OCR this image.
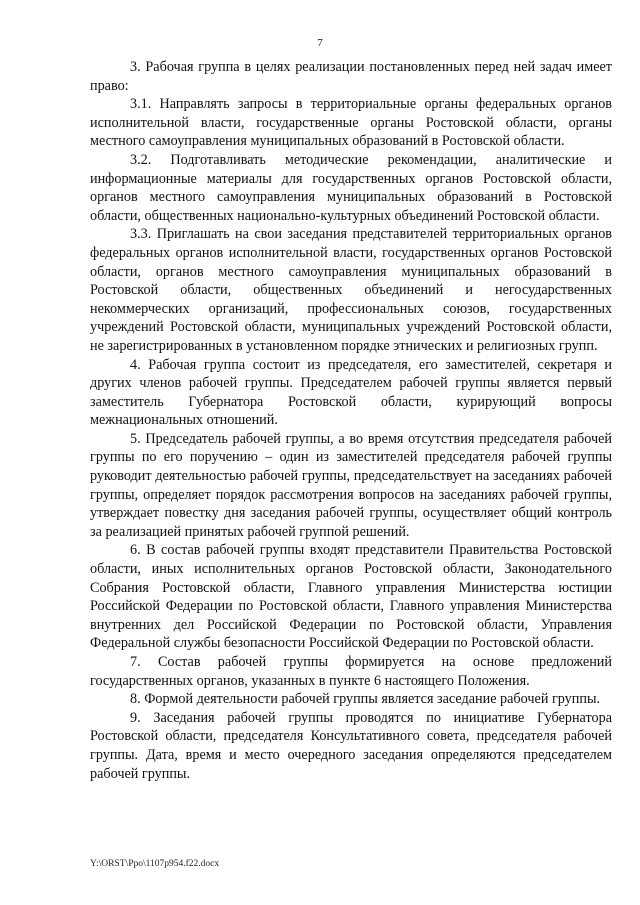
7

3. Рабочая группа в целях реализации постановленных перед ней задач имеет право:

3.1. Направлять запросы в территориальные органы федеральных органов исполнительной власти, государственные органы Ростовской области, органы местного самоуправления муниципальных образований в Ростовской области.

3.2. Подготавливать методические рекомендации, аналитические и информационные материалы для государственных органов Ростовской области, органов местного самоуправления муниципальных образований в Ростовской области, общественных национально-культурных объединений Ростовской области.

3.3. Приглашать на свои заседания представителей территориальных органов федеральных органов исполнительной власти, государственных органов Ростовской области, органов местного самоуправления муниципальных образований в Ростовской области, общественных объединений и негосударственных некоммерческих организаций, профессиональных союзов, государственных учреждений Ростовской области, муниципальных учреждений Ростовской области, не зарегистрированных в установленном порядке этнических и религиозных групп.

4. Рабочая группа состоит из председателя, его заместителей, секретаря и других членов рабочей группы. Председателем рабочей группы является первый заместитель Губернатора Ростовской области, курирующий вопросы межнациональных отношений.

5. Председатель рабочей группы, а во время отсутствия председателя рабочей группы по его поручению – один из заместителей председателя рабочей группы руководит деятельностью рабочей группы, председательствует на заседаниях рабочей группы, определяет порядок рассмотрения вопросов на заседаниях рабочей группы, утверждает повестку дня заседания рабочей группы, осуществляет общий контроль за реализацией принятых рабочей группой решений.

6. В состав рабочей группы входят представители Правительства Ростовской области, иных исполнительных органов Ростовской области, Законодательного Собрания Ростовской области, Главного управления Министерства юстиции Российской Федерации по Ростовской области, Главного управления Министерства внутренних дел Российской Федерации по Ростовской области, Управления Федеральной службы безопасности Российской Федерации по Ростовской области.

7. Состав рабочей группы формируется на основе предложений государственных органов, указанных в пункте 6 настоящего Положения.

8. Формой деятельности рабочей группы является заседание рабочей группы.

9. Заседания рабочей группы проводятся по инициативе Губернатора Ростовской области, председателя Консультативного совета, председателя рабочей группы. Дата, время и место очередного заседания определяются председателем рабочей группы.

Y:\ORST\Ppo\1107p954.f22.docx
